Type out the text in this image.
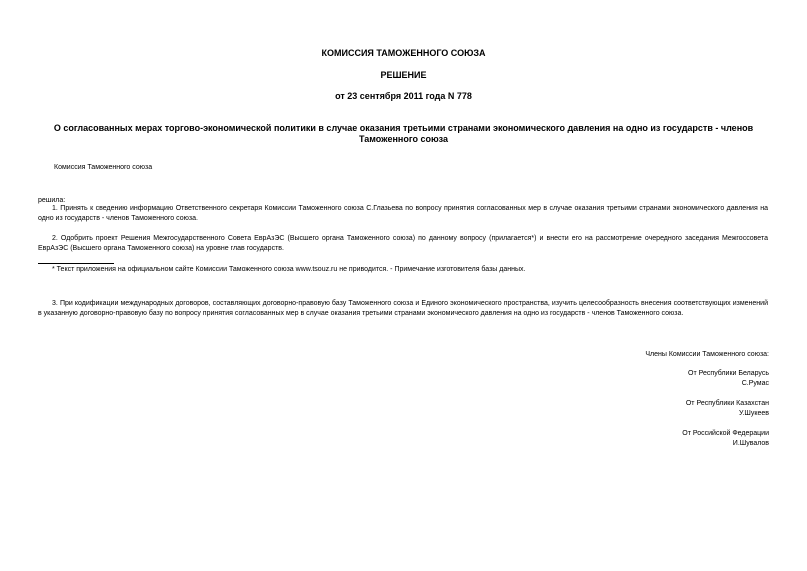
КОМИССИЯ ТАМОЖЕННОГО СОЮЗА
РЕШЕНИЕ
от 23 сентября 2011 года N 778
О согласованных мерах торгово-экономической политики в случае оказания третьими странами экономического давления на одно из государств - членов Таможенного союза
Комиссия Таможенного союза
решила:
1. Принять к сведению информацию Ответственного секретаря Комиссии Таможенного союза С.Глазьева по вопросу принятия согласованных мер в случае оказания третьими странами экономического давления на одно из государств - членов Таможенного союза.
2. Одобрить проект Решения Межгосударственного Совета ЕврАзЭС (Высшего органа Таможенного союза) по данному вопросу (прилагается*) и внести его на рассмотрение очередного заседания Межгоссовета ЕврАзЭС (Высшего органа Таможенного союза) на уровне глав государств.
* Текст приложения на официальном сайте Комиссии Таможенного союза www.tsouz.ru не приводится. - Примечание изготовителя базы данных.
3. При кодификации международных договоров, составляющих договорно-правовую базу Таможенного союза и Единого экономического пространства, изучить целесообразность внесения соответствующих изменений в указанную договорно-правовую базу по вопросу принятия согласованных мер в случае оказания третьими странами экономического давления на одно из государств - членов Таможенного союза.
Члены Комиссии Таможенного союза:
От Республики Беларусь
С.Румас
От Республики Казахстан
У.Шукеев
От Российской Федерации
И.Шувалов
